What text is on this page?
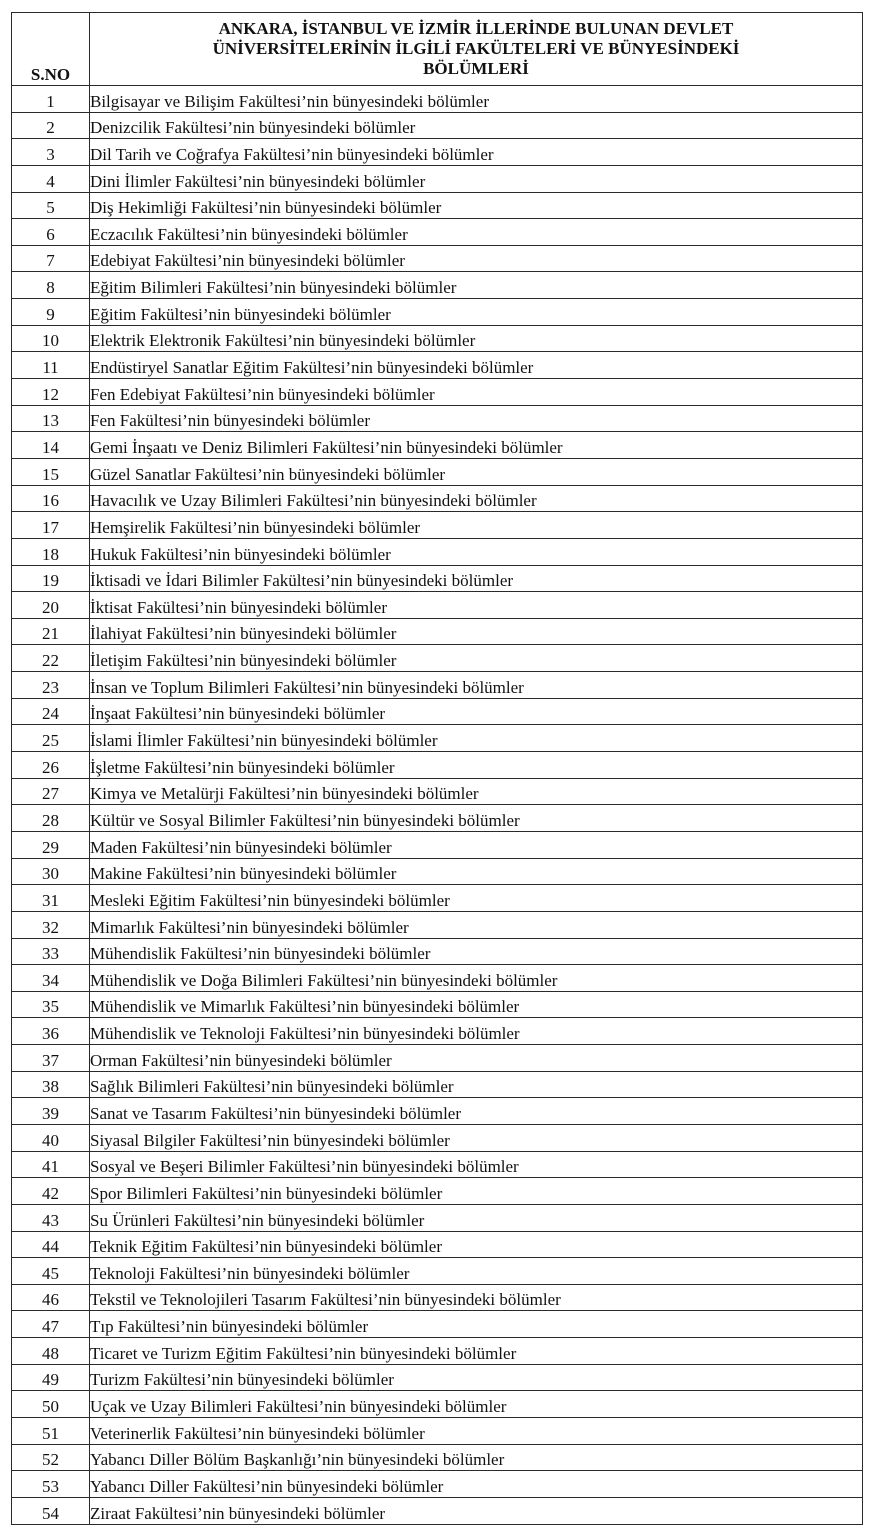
S.NO	ANKARA, İSTANBUL VE İZMİR İLLERİNDE BULUNAN DEVLET
ÜNİVERSİTELERİNİN İLGİLİ FAKÜLTELERİ VE BÜNYESİNDEKİ
BÖLÜMLERİ

1	Bilgisayar ve Bilişim Fakültesi’nin bünyesindeki bölümler
2	Denizcilik Fakültesi’nin bünyesindeki bölümler
3	Dil Tarih ve Coğrafya Fakültesi’nin bünyesindeki bölümler
4	Dini İlimler Fakültesi’nin bünyesindeki bölümler
5	Diş Hekimliği Fakültesi’nin bünyesindeki bölümler
6	Eczacılık Fakültesi’nin bünyesindeki bölümler
7	Edebiyat Fakültesi’nin bünyesindeki bölümler
8	Eğitim Bilimleri Fakültesi’nin bünyesindeki bölümler
9	Eğitim Fakültesi’nin bünyesindeki bölümler
10	Elektrik Elektronik Fakültesi’nin bünyesindeki bölümler
11	Endüstiryel Sanatlar Eğitim Fakültesi’nin bünyesindeki bölümler
12	Fen Edebiyat Fakültesi’nin bünyesindeki bölümler
13	Fen Fakültesi’nin bünyesindeki bölümler
14	Gemi İnşaatı ve Deniz Bilimleri Fakültesi’nin bünyesindeki bölümler
15	Güzel Sanatlar Fakültesi’nin bünyesindeki bölümler
16	Havacılık ve Uzay Bilimleri Fakültesi’nin bünyesindeki bölümler
17	Hemşirelik Fakültesi’nin bünyesindeki bölümler
18	Hukuk Fakültesi’nin bünyesindeki bölümler
19	İktisadi ve İdari Bilimler Fakültesi’nin bünyesindeki bölümler
20	İktisat Fakültesi’nin bünyesindeki bölümler
21	İlahiyat Fakültesi’nin bünyesindeki bölümler
22	İletişim Fakültesi’nin bünyesindeki bölümler
23	İnsan ve Toplum Bilimleri Fakültesi’nin bünyesindeki bölümler
24	İnşaat Fakültesi’nin bünyesindeki bölümler
25	İslami İlimler Fakültesi’nin bünyesindeki bölümler
26	İşletme Fakültesi’nin bünyesindeki bölümler
27	Kimya ve Metalürji Fakültesi’nin bünyesindeki bölümler
28	Kültür ve Sosyal Bilimler Fakültesi’nin bünyesindeki bölümler
29	Maden Fakültesi’nin bünyesindeki bölümler
30	Makine Fakültesi’nin bünyesindeki bölümler
31	Mesleki Eğitim Fakültesi’nin bünyesindeki bölümler
32	Mimarlık Fakültesi’nin bünyesindeki bölümler
33	Mühendislik Fakültesi’nin bünyesindeki bölümler
34	Mühendislik ve Doğa Bilimleri Fakültesi’nin bünyesindeki bölümler
35	Mühendislik ve Mimarlık Fakültesi’nin bünyesindeki bölümler
36	Mühendislik ve Teknoloji Fakültesi’nin bünyesindeki bölümler
37	Orman Fakültesi’nin bünyesindeki bölümler
38	Sağlık Bilimleri Fakültesi’nin bünyesindeki bölümler
39	Sanat ve Tasarım Fakültesi’nin bünyesindeki bölümler
40	Siyasal Bilgiler Fakültesi’nin bünyesindeki bölümler
41	Sosyal ve Beşeri Bilimler Fakültesi’nin bünyesindeki bölümler
42	Spor Bilimleri Fakültesi’nin bünyesindeki bölümler
43	Su Ürünleri Fakültesi’nin bünyesindeki bölümler
44	Teknik Eğitim Fakültesi’nin bünyesindeki bölümler
45	Teknoloji Fakültesi’nin bünyesindeki bölümler
46	Tekstil ve Teknolojileri Tasarım Fakültesi’nin bünyesindeki bölümler
47	Tıp Fakültesi’nin bünyesindeki bölümler
48	Ticaret ve Turizm Eğitim Fakültesi’nin bünyesindeki bölümler
49	Turizm Fakültesi’nin bünyesindeki bölümler
50	Uçak ve Uzay Bilimleri Fakültesi’nin bünyesindeki bölümler
51	Veterinerlik Fakültesi’nin bünyesindeki bölümler
52	Yabancı Diller Bölüm Başkanlığı’nin bünyesindeki bölümler
53	Yabancı Diller Fakültesi’nin bünyesindeki bölümler
54	Ziraat Fakültesi’nin bünyesindeki bölümler
